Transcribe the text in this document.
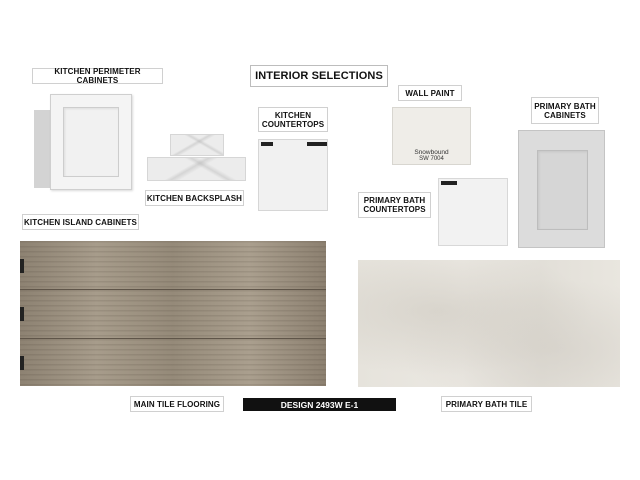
INTERIOR SELECTIONS
KITCHEN PERIMETER CABINETS
KITCHEN BACKSPLASH
KITCHEN COUNTERTOPS
WALL PAINT
Snowbound
SW 7004
PRIMARY BATH CABINETS
PRIMARY BATH COUNTERTOPS
KITCHEN ISLAND CABINETS
MAIN TILE FLOORING	DESIGN 2493W E-1	PRIMARY BATH TILE
